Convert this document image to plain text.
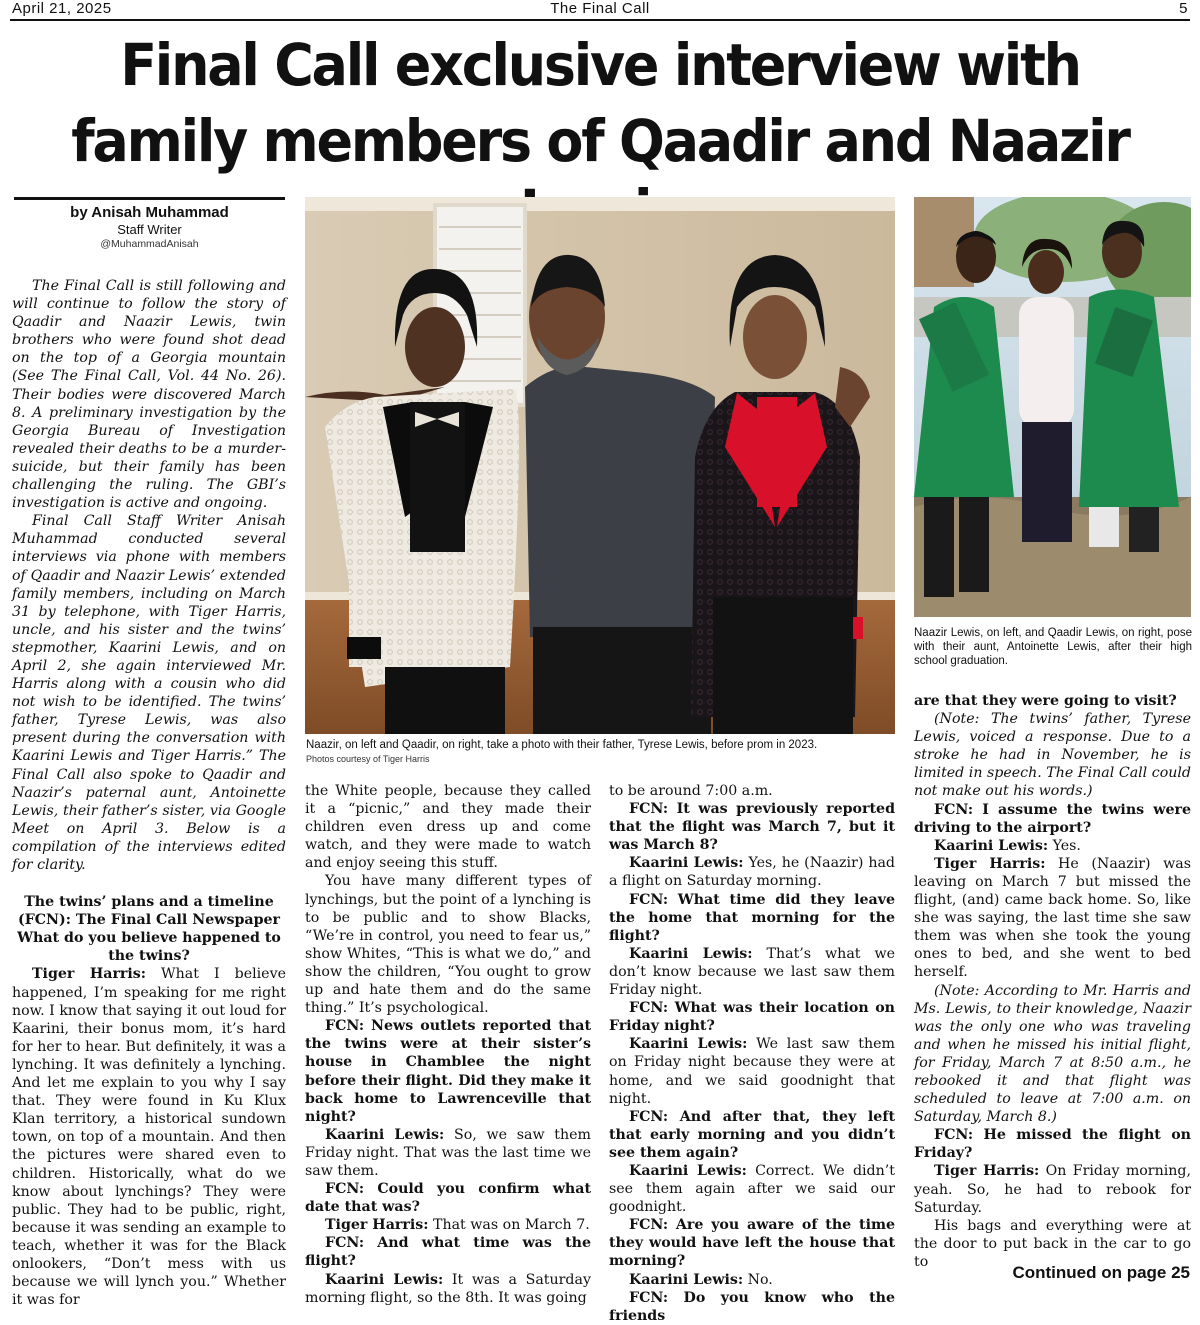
April 21, 2025	The Final Call	5
Final Call exclusive interview with
family members of Qaadir and Naazir
by Anisah Muhammad
Staff Writer
@MuhammadAnisah

The Final Call is still following and will continue to follow the story of Qaadir and Naazir Lewis, twin brothers who were found shot dead on the top of a Georgia mountain (See The Final Call, Vol. 44 No. 26). Their bodies were discovered March 8. A preliminary investigation by the Georgia Bureau of Investigation revealed their deaths to be a murder-suicide, but their family has been challenging the ruling. The GBI’s investigation is active and ongoing.

Final Call Staff Writer Anisah Muhammad conducted several interviews via phone with members of Qaadir and Naazir Lewis’ extended family members, including on March 31 by telephone, with Tiger Harris, uncle, and his sister and the twins’ stepmother, Kaarini Lewis, and on April 2, she again interviewed Mr. Harris along with a cousin who did not wish to be identified. The twins’ father, Tyrese Lewis, was also present during the conversation with Kaarini Lewis and Tiger Harris.” The Final Call also spoke to Qaadir and Naazir’s paternal aunt, Antoinette Lewis, their father’s sister, via Google Meet on April 3. Below is a compilation of the interviews edited for clarity.

The twins’ plans and a timeline

(FCN): The Final Call Newspaper What do you believe happened to the twins?

Tiger Harris: What I believe happened, I’m speaking for me right now. I know that saying it out loud for Kaarini, their bonus mom, it’s hard for her to hear. But definitely, it was a lynching. It was definitely a lynching. And let me explain to you why I say that. They were found in Ku Klux Klan territory, a historical sundown town, on top of a mountain. And then the pictures were shared even to children. Historically, what do we know about lynchings? They were public. They had to be public, right, because it was sending an example to teach, whether it was for the Black onlookers, “Don’t mess with us because we will lynch you.” Whether it was for

Naazir, on left and Qaadir, on right, take a photo with their father, Tyrese Lewis, before prom in 2023.
Photos courtesy of Tiger Harris
Naazir Lewis, on left, and Qaadir Lewis, on right, pose with their aunt, Antoinette Lewis, after their high school graduation.

the White people, because they called it a “picnic,” and they made their children even dress up and come watch, and they were made to watch and enjoy seeing this stuff.

You have many different types of lynchings, but the point of a lynching is to be public and to show Blacks, “We’re in control, you need to fear us,” show Whites, “This is what we do,” and show the children, “You ought to grow up and hate them and do the same thing.” It’s psychological.

FCN: News outlets reported that the twins were at their sister’s house in Chamblee the night before their flight. Did they make it back home to Lawrenceville that night?

Kaarini Lewis: So, we saw them Friday night. That was the last time we saw them.

FCN: Could you confirm what date that was?

Tiger Harris: That was on March 7.

FCN: And what time was the flight?

Kaarini Lewis: It was a Saturday morning flight, so the 8th. It was going

to be around 7:00 a.m.

FCN: It was previously reported that the flight was March 7, but it was March 8?

Kaarini Lewis: Yes, he (Naazir) had a flight on Saturday morning.

FCN: What time did they leave the home that morning for the flight?

Kaarini Lewis: That’s what we don’t know because we last saw them Friday night.

FCN: What was their location on Friday night?

Kaarini Lewis: We last saw them on Friday night because they were at home, and we said goodnight that night.

FCN: And after that, they left that early morning and you didn’t see them again?

Kaarini Lewis: Correct. We didn’t see them again after we said our goodnight.

FCN: Are you aware of the time they would have left the house that morning?

Kaarini Lewis: No.

FCN: Do you know who the friends

are that they were going to visit?

(Note: The twins’ father, Tyrese Lewis, voiced a response. Due to a stroke he had in November, he is limited in speech. The Final Call could not make out his words.)

FCN: I assume the twins were driving to the airport?

Kaarini Lewis: Yes.

Tiger Harris: He (Naazir) was leaving on March 7 but missed the flight, (and) came back home. So, like she was saying, the last time she saw them was when she took the young ones to bed, and she went to bed herself.

(Note: According to Mr. Harris and Ms. Lewis, to their knowledge, Naazir was the only one who was traveling and when he missed his initial flight, for Friday, March 7 at 8:50 a.m., he rebooked it and that flight was scheduled to leave at 7:00 a.m. on Saturday, March 8.)

FCN: He missed the flight on Friday?

Tiger Harris: On Friday morning, yeah. So, he had to rebook for Saturday.

His bags and everything were at the door to put back in the car to go to

Continued on page 25
